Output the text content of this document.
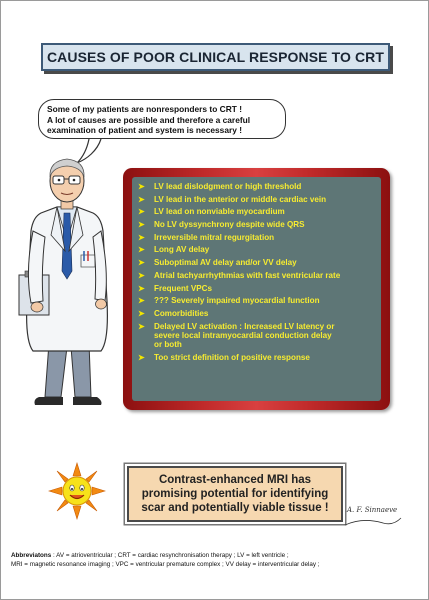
CAUSES OF POOR CLINICAL RESPONSE TO CRT
Some of my patients are nonresponders to CRT !
A lot of causes are possible and therefore a careful
examination of patient and system is necessary !
➤	LV lead dislodgment or high threshold
➤	LV lead in the anterior or middle cardiac vein
➤	LV lead on nonviable myocardium
➤	No LV dyssynchrony despite wide QRS
➤	Irreversible mitral regurgitation
➤	Long AV delay
➤	Suboptimal AV delay and/or VV delay
➤	Atrial tachyarrhythmias with fast ventricular rate
➤	Frequent VPCs
➤	??? Severely impaired myocardial function
➤	Comorbidities
➤	Delayed LV activation : Increased LV latency or
severe local intramyocardial conduction delay
or both
➤	Too strict definition of positive response
Contrast-enhanced MRI has
promising potential for identifying
scar and potentially viable tissue !	A. F. Sinnaeve
Abbreviatons : AV = atrioventricular ; CRT = cardiac resynchronisation therapy ; LV = left ventricle ;
MRI = magnetic resonance imaging ; VPC = ventricular premature complex ; VV delay = interventricular delay ;
